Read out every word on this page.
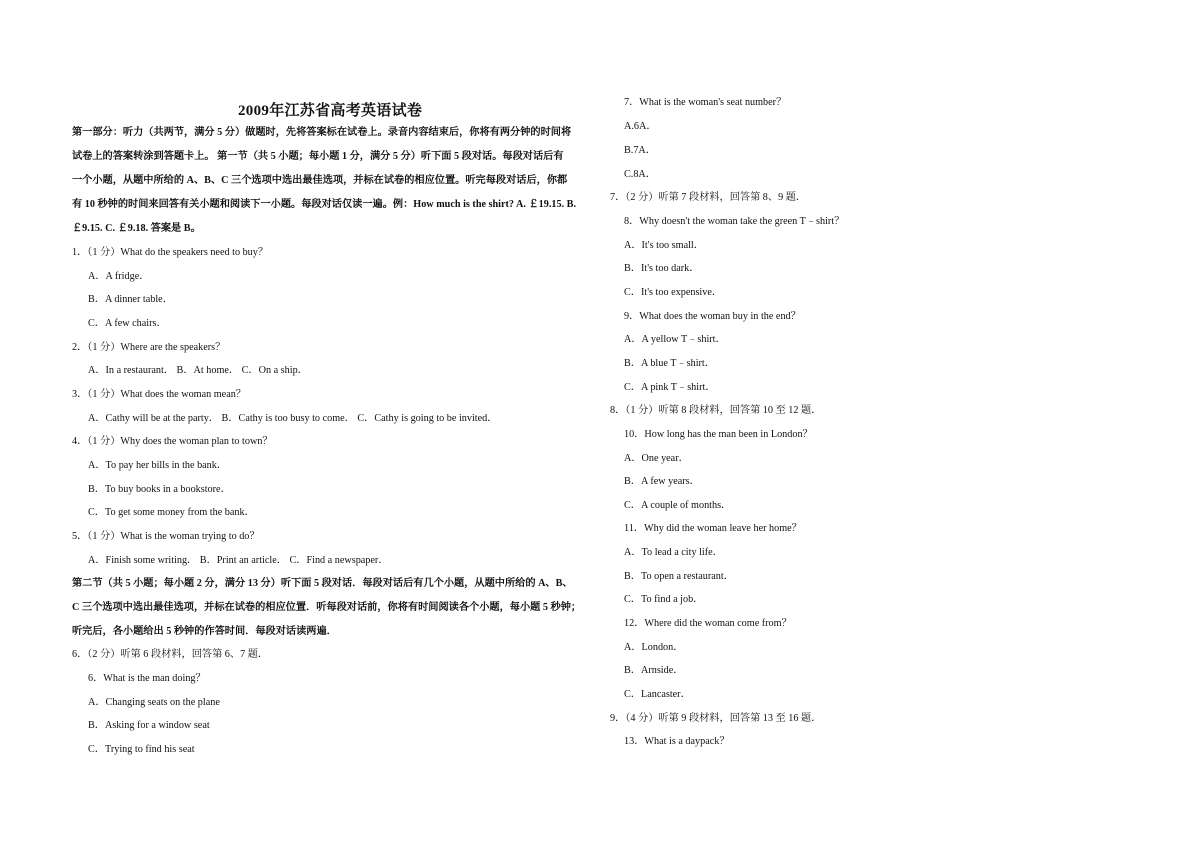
2009年江苏省高考英语试卷
第一部分：听力（共两节，满分 5 分）做题时，先将答案标在试卷上。录音内容结束后，你将有两分钟的时间将
试卷上的答案转涂到答题卡上。 第一节（共 5 小题；每小题 1 分，满分 5 分）听下面 5 段对话。每段对话后有
一个小题，从题中所给的 A、B、C 三个选项中选出最佳选项，并标在试卷的相应位置。听完每段对话后，你都
有 10 秒钟的时间来回答有关小题和阅读下一小题。每段对话仅读一遍。例：How much is the shirt? A. ￡19.15. B.
￡9.15. C. ￡9.18. 答案是 B。
1．（1 分）What do the speakers need to buy？
A．A fridge．
B．A dinner table．
C．A few chairs．
2．（1 分）Where are the speakers？
A．In a restaurant． B．At home． C．On a ship．
3．（1 分）What does the woman mean？
A．Cathy will be at the party． B．Cathy is too busy to come． C．Cathy is going to be invited．
4．（1 分）Why does the woman plan to town？
A．To pay her bills in the bank．
B．To buy books in a bookstore．
C．To get some money from the bank．
5．（1 分）What is the woman trying to do？
A．Finish some writing． B．Print an article． C．Find a newspaper．
第二节（共 5 小题；每小题 2 分，满分 13 分）听下面 5 段对话．每段对话后有几个小题，从题中所给的 A、B、
C 三个选项中选出最佳选项，并标在试卷的相应位置．听每段对话前，你将有时间阅读各个小题，每小题 5 秒钟；
听完后，各小题给出 5 秒钟的作答时间．每段对话读两遍．
6．（2 分）听第 6 段材料，回答第 6、7 题．
6．What is the man doing？
A．Changing seats on the plane
B．Asking for a window seat
C．Trying to find his seat
7．What is the woman's seat number？
A.6A．
B.7A．
C.8A．
7．（2 分）听第 7 段材料，回答第 8、9 题．
8．Why doesn't the woman take the green T﹣shirt？
A．It's too small．
B．It's too dark．
C．It's too expensive．
9．What does the woman buy in the end？
A．A yellow T﹣shirt．
B．A blue T﹣shirt．
C．A pink T﹣shirt．
8．（1 分）听第 8 段材料，回答第 10 至 12 题．
10．How long has the man been in London？
A．One year．
B．A few years．
C．A couple of months．
11．Why did the woman leave her home？
A．To lead a city life．
B．To open a restaurant．
C．To find a job．
12．Where did the woman come from？
A．London．
B．Arnside．
C．Lancaster．
9．（4 分）听第 9 段材料，回答第 13 至 16 题．
13．What is a daypack？
